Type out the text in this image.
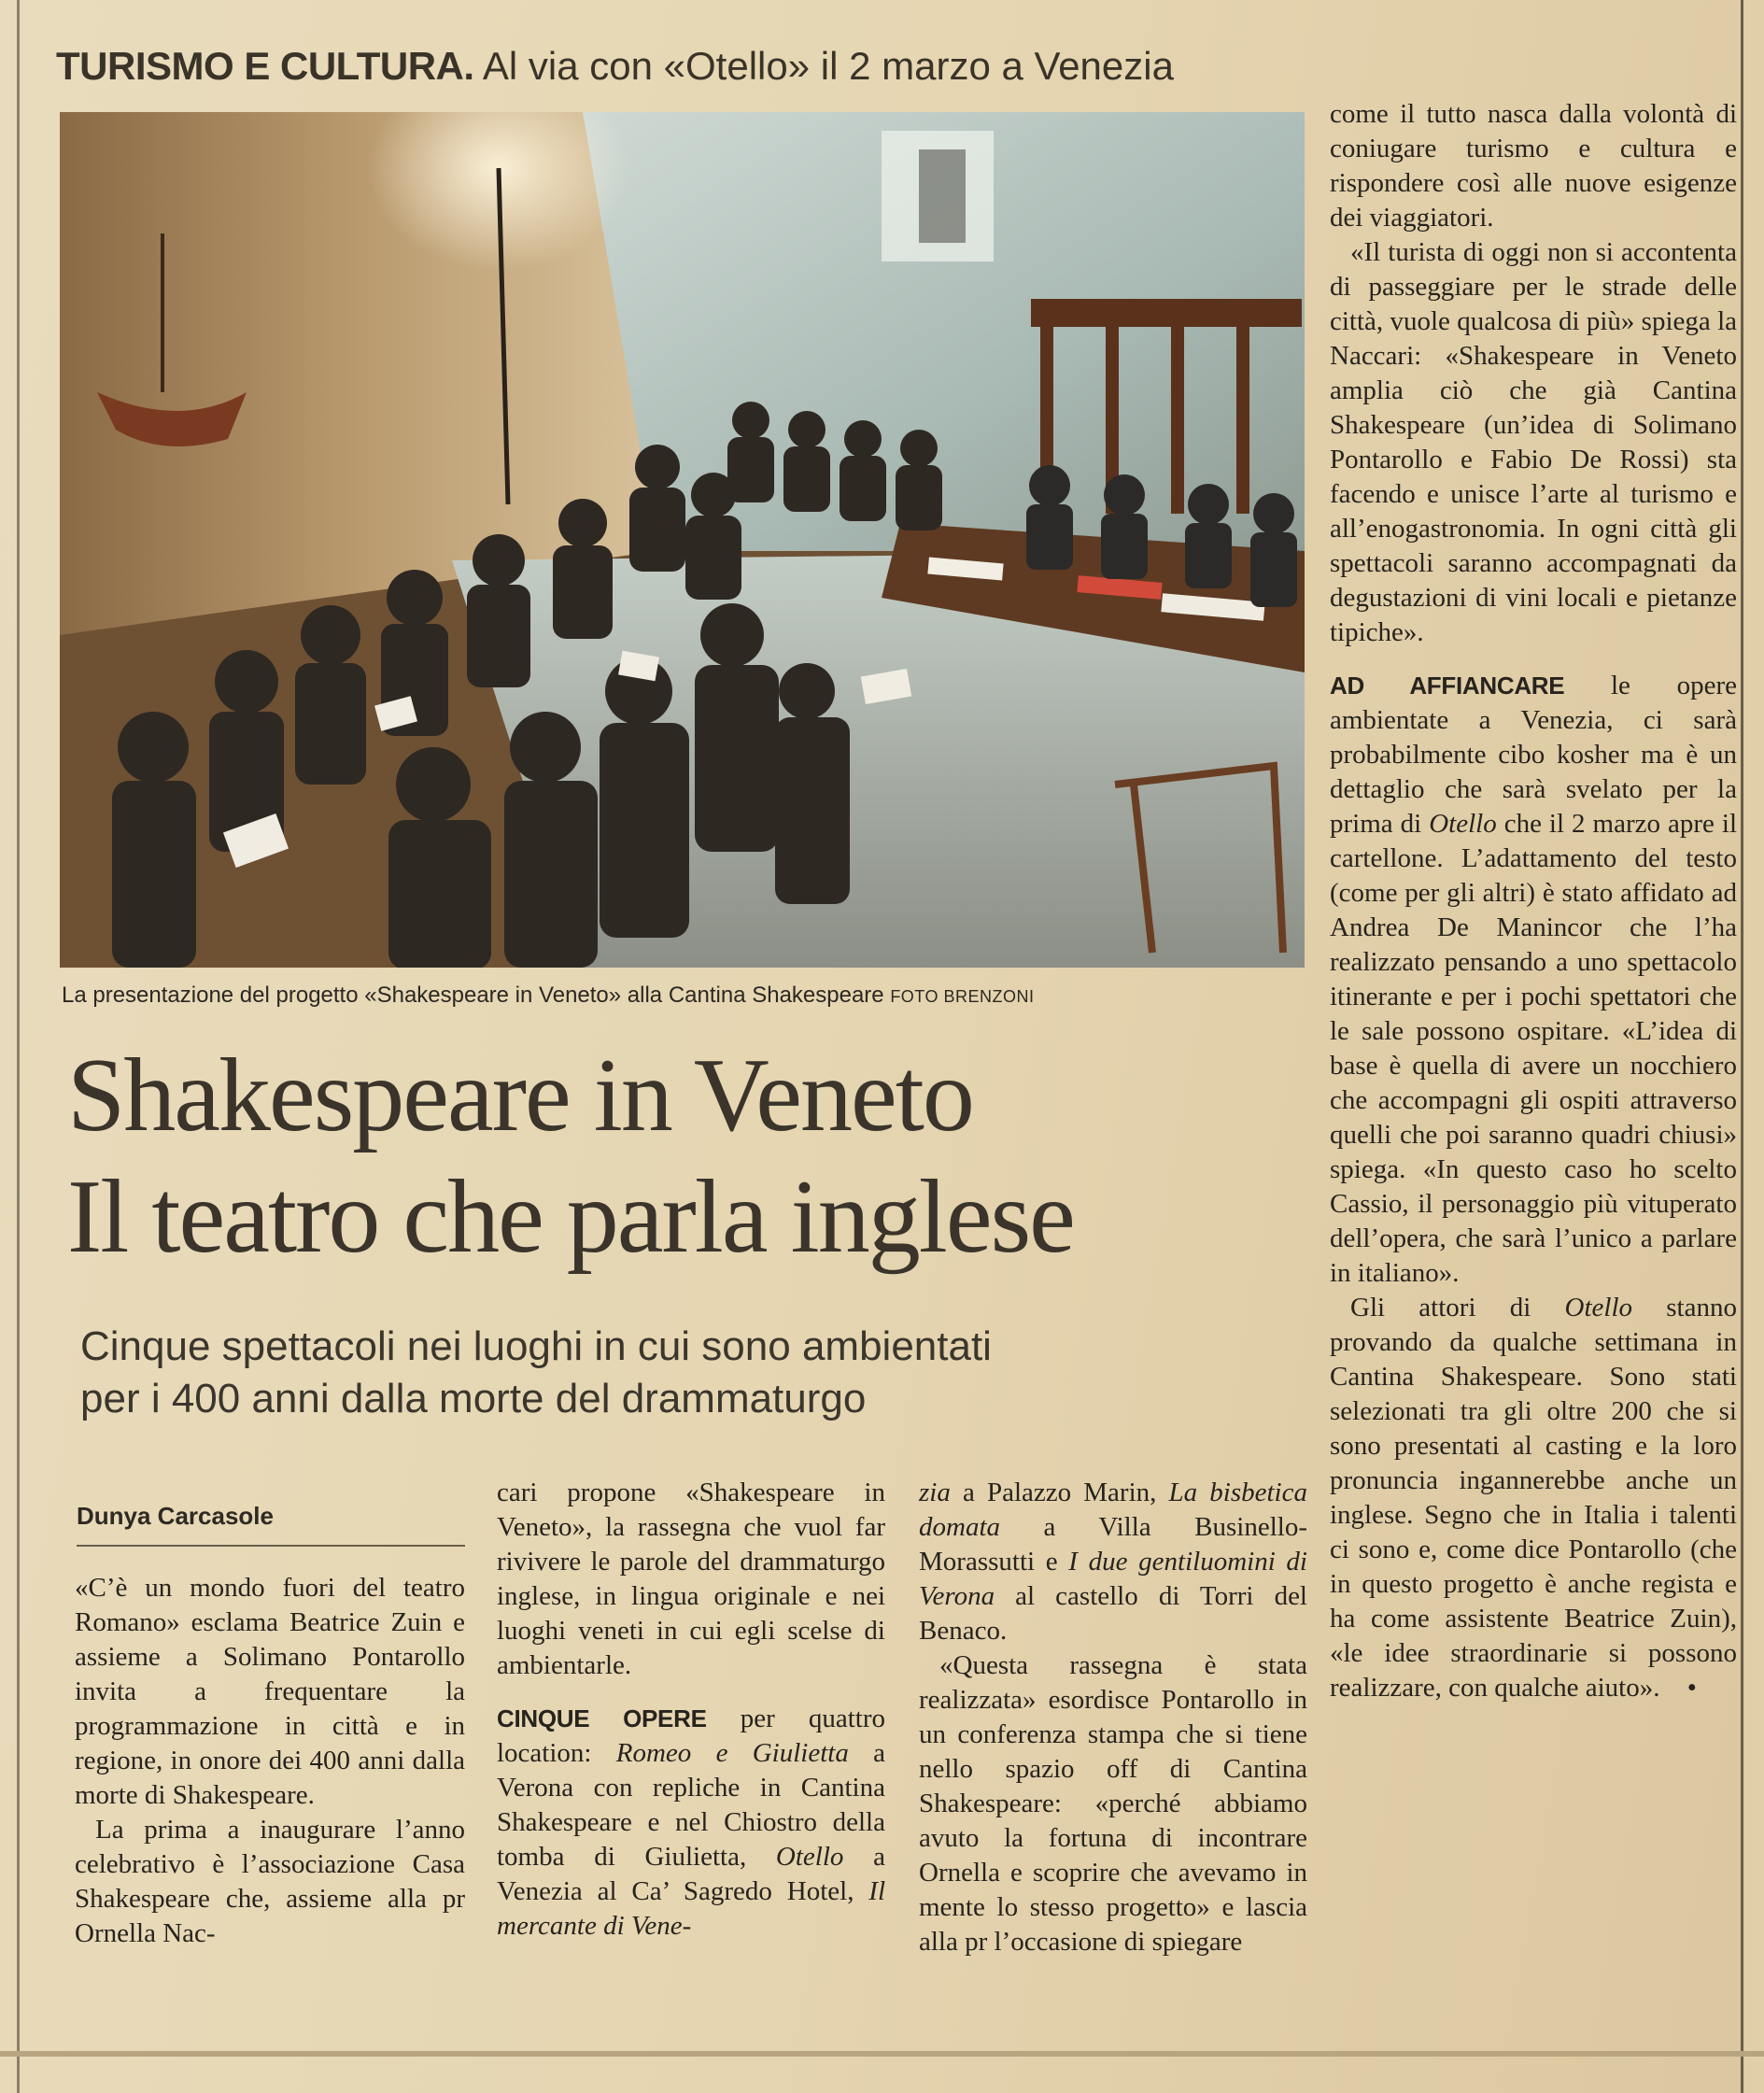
TURISMO E CULTURA. Al via con «Otello» il 2 marzo a Venezia
La presentazione del progetto «Shakespeare in Veneto» alla Cantina Shakespeare FOTO BRENZONI
Shakespeare in Veneto
Il teatro che parla inglese
Cinque spettacoli nei luoghi in cui sono ambientati
per i 400 anni dalla morte del drammaturgo
Dunya Carcasole

«C’è un mondo fuori del teatro Romano» esclama Beatrice Zuin e assieme a Solimano Pontarollo invita a frequentare la programmazione in città e in regione, in onore dei 400 anni dalla morte di Shakespeare.

La prima a inaugurare l’anno celebrativo è l’associazione Casa Shakespeare che, assieme alla pr Ornella Nac-

cari propone «Shakespeare in Veneto», la rassegna che vuol far rivivere le parole del drammaturgo inglese, in lingua originale e nei luoghi veneti in cui egli scelse di ambientarle.

CINQUE OPERE per quattro location: Romeo e Giulietta a Verona con repliche in Cantina Shakespeare e nel Chiostro della tomba di Giulietta, Otello a Venezia al Ca’ Sagredo Hotel, Il mercante di Vene-

zia a Palazzo Marin, La bisbetica domata a Villa Businello-Morassutti e I due gentiluomini di Verona al castello di Torri del Benaco.

«Questa rassegna è stata realizzata» esordisce Pontarollo in un conferenza stampa che si tiene nello spazio off di Cantina Shakespeare: «perché abbiamo avuto la fortuna di incontrare Ornella e scoprire che avevamo in mente lo stesso progetto» e lascia alla pr l’occasione di spiegare

come il tutto nasca dalla volontà di coniugare turismo e cultura e rispondere così alle nuove esigenze dei viaggiatori.

«Il turista di oggi non si accontenta di passeggiare per le strade delle città, vuole qualcosa di più» spiega la Naccari: «Shakespeare in Veneto amplia ciò che già Cantina Shakespeare (un’idea di Solimano Pontarollo e Fabio De Rossi) sta facendo e unisce l’arte al turismo e all’enogastronomia. In ogni città gli spettacoli saranno accompagnati da degustazioni di vini locali e pietanze tipiche».

AD AFFIANCARE le opere ambientate a Venezia, ci sarà probabilmente cibo kosher ma è un dettaglio che sarà svelato per la prima di Otello che il 2 marzo apre il cartellone. L’adattamento del testo (come per gli altri) è stato affidato ad Andrea De Manincor che l’ha realizzato pensando a uno spettacolo itinerante e per i pochi spettatori che le sale possono ospitare. «L’idea di base è quella di avere un nocchiero che accompagni gli ospiti attraverso quelli che poi saranno quadri chiusi» spiega. «In questo caso ho scelto Cassio, il personaggio più vituperato dell’opera, che sarà l’unico a parlare in italiano».

Gli attori di Otello stanno provando da qualche settimana in Cantina Shakespeare. Sono stati selezionati tra gli oltre 200 che si sono presentati al casting e la loro pronuncia ingannerebbe anche un inglese. Segno che in Italia i talenti ci sono e, come dice Pontarollo (che in questo progetto è anche regista e ha come assistente Beatrice Zuin), «le idee straordinarie si possono realizzare, con qualche aiuto». •
